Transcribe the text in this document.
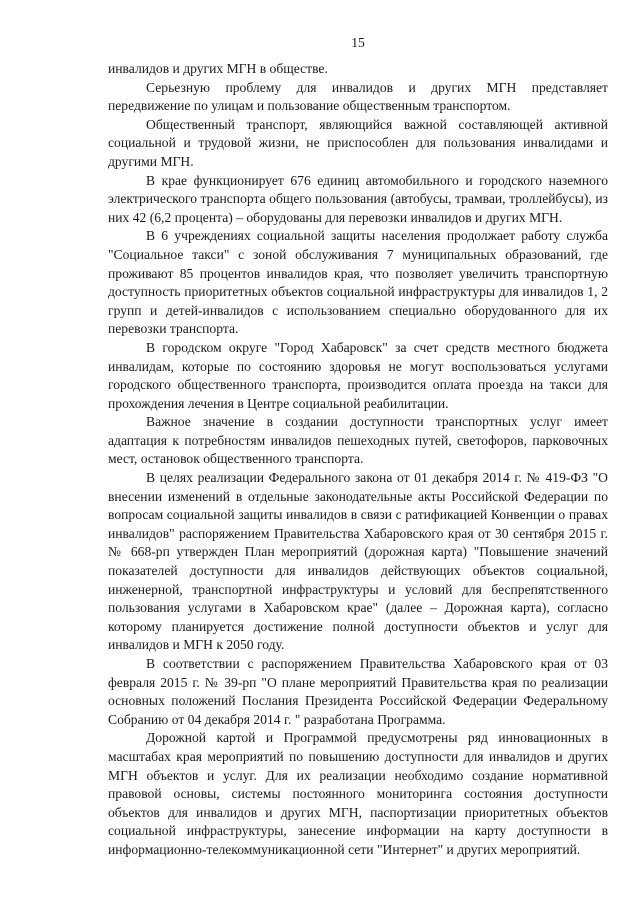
15

инвалидов и других МГН в обществе.

Серьезную проблему для инвалидов и других МГН представляет передвижение по улицам и пользование общественным транспортом.

Общественный транспорт, являющийся важной составляющей активной социальной и трудовой жизни, не приспособлен для пользования инвалидами и другими МГН.

В крае функционирует 676 единиц автомобильного и городского наземного электрического транспорта общего пользования (автобусы, трамваи, троллейбусы), из них 42 (6,2 процента) – оборудованы для перевозки инвалидов и других МГН.

В 6 учреждениях социальной защиты населения продолжает работу служба "Социальное такси" с зоной обслуживания 7 муниципальных образований, где проживают 85 процентов инвалидов края, что позволяет увеличить транспортную доступность приоритетных объектов социальной инфраструктуры для инвалидов 1, 2 групп и детей-инвалидов с использованием специально оборудованного для их перевозки транспорта.

В городском округе "Город Хабаровск" за счет средств местного бюджета инвалидам, которые по состоянию здоровья не могут воспользоваться услугами городского общественного транспорта, производится оплата проезда на такси для прохождения лечения в Центре социальной реабилитации.

Важное значение в создании доступности транспортных услуг имеет адаптация к потребностям инвалидов пешеходных путей, светофоров, парковочных мест, остановок общественного транспорта.

В целях реализации Федерального закона от 01 декабря 2014 г. № 419-ФЗ "О внесении изменений в отдельные законодательные акты Российской Федерации по вопросам социальной защиты инвалидов в связи с ратификацией Конвенции о правах инвалидов" распоряжением Правительства Хабаровского края от 30 сентября 2015 г. № 668-рп утвержден План мероприятий (дорожная карта) "Повышение значений показателей доступности для инвалидов действующих объектов социальной, инженерной, транспортной инфраструктуры и условий для беспрепятственного пользования услугами в Хабаровском крае" (далее – Дорожная карта), согласно которому планируется достижение полной доступности объектов и услуг для инвалидов и МГН к 2050 году.

В соответствии с распоряжением Правительства Хабаровского края от 03 февраля 2015 г. № 39-рп "О плане мероприятий Правительства края по реализации основных положений Послания Президента Российской Федерации Федеральному Собранию от 04 декабря 2014 г. " разработана Программа.

Дорожной картой и Программой предусмотрены ряд инновационных в масштабах края мероприятий по повышению доступности для инвалидов и других МГН объектов и услуг. Для их реализации необходимо создание нормативной правовой основы, системы постоянного мониторинга состояния доступности объектов для инвалидов и других МГН, паспортизации приоритетных объектов социальной инфраструктуры, занесение информации на карту доступности в информационно-телекоммуникационной сети "Интернет" и других мероприятий.
